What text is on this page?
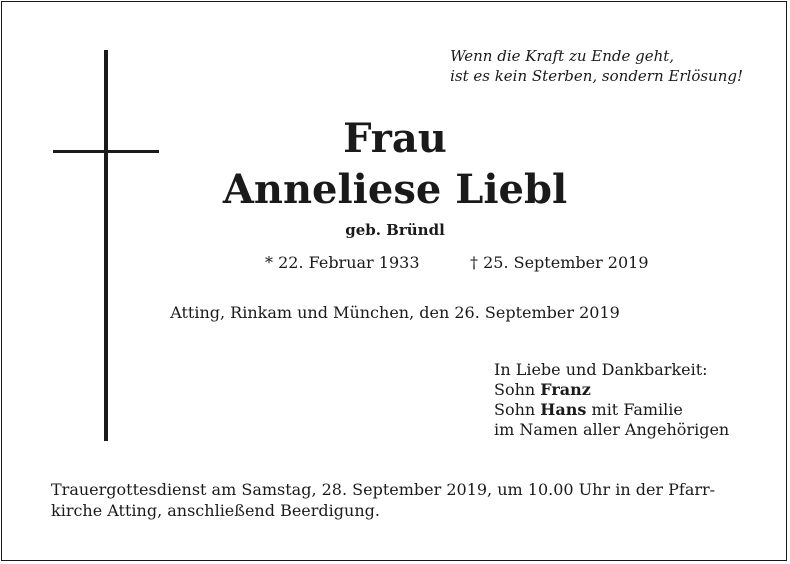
Wenn die Kraft zu Ende geht,
ist es kein Sterben, sondern Erlösung!
Frau
Anneliese Liebl
geb. Bründl
* 22. Februar 1933	† 25. September 2019
Atting, Rinkam und München, den 26. September 2019
In Liebe und Dankbarkeit:
Sohn Franz
Sohn Hans mit Familie
im Namen aller Angehörigen
Trauergottesdienst am Samstag, 28. September 2019, um 10.00 Uhr in der Pfarr-
kirche Atting, anschließend Beerdigung.
